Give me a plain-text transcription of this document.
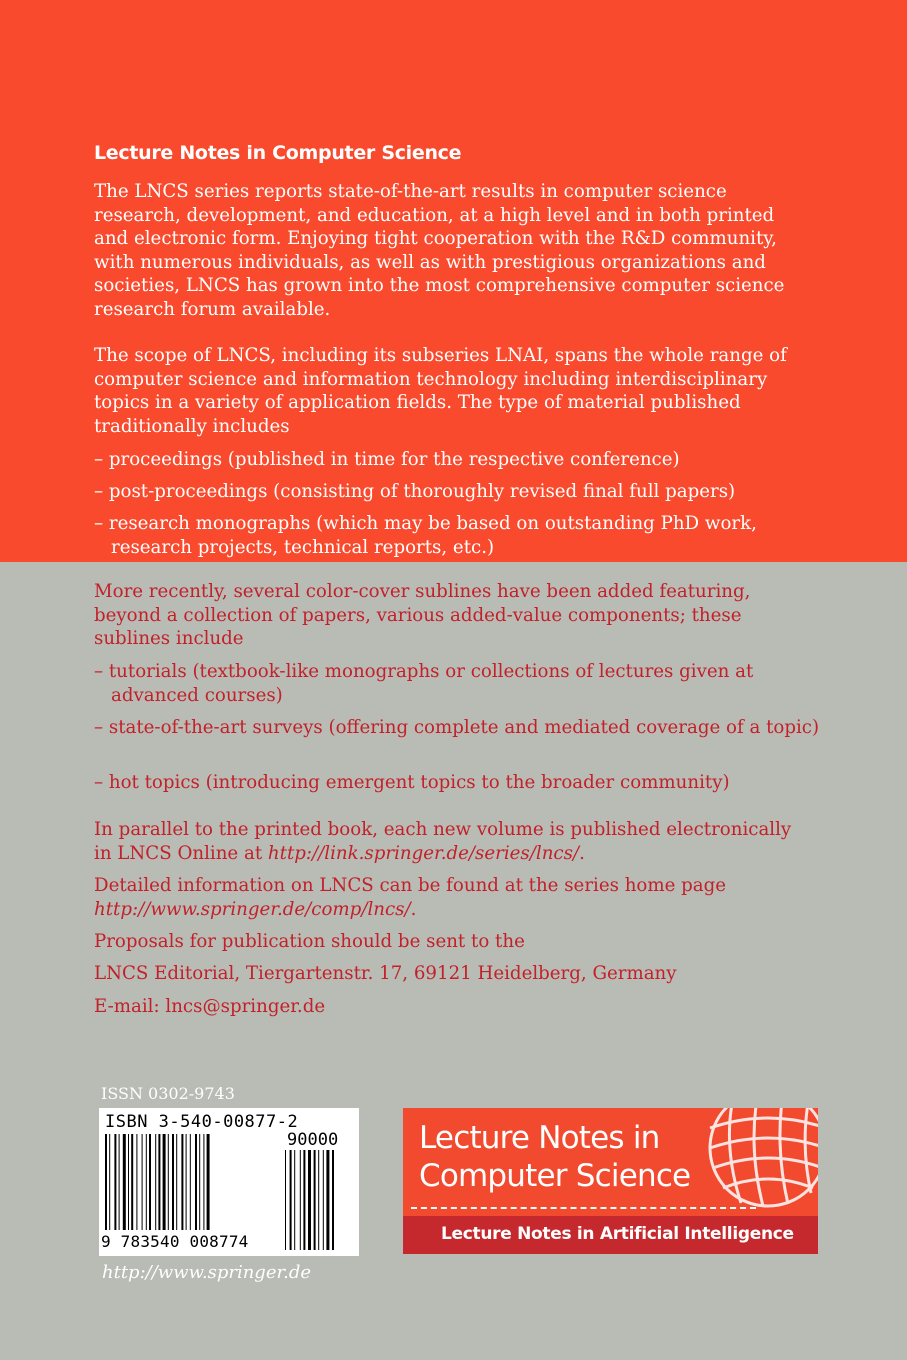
Lecture Notes in Computer Science

The LNCS series reports state-of-the-art results in computer science research, development, and education, at a high level and in both printed and electronic form. Enjoying tight cooperation with the R&D community, with numerous individuals, as well as with prestigious organizations and societies, LNCS has grown into the most comprehensive computer science research forum available.

The scope of LNCS, including its subseries LNAI, spans the whole range of computer science and information technology including interdisciplinary topics in a variety of application fields. The type of material published traditionally includes

– proceedings (published in time for the respective conference)
– post-proceedings (consisting of thoroughly revised final full papers)
– research monographs (which may be based on outstanding PhD work, research projects, technical reports, etc.)

More recently, several color-cover sublines have been added featuring, beyond a collection of papers, various added-value components; these sublines include

– tutorials (textbook-like monographs or collections of lectures given at advanced courses)
– state-of-the-art surveys (offering complete and mediated coverage of a topic)
– hot topics (introducing emergent topics to the broader community)

In parallel to the printed book, each new volume is published electronically in LNCS Online at http://link.springer.de/series/lncs/.

Detailed information on LNCS can be found at the series home page http://www.springer.de/comp/lncs/.

Proposals for publication should be sent to the

LNCS Editorial, Tiergartenstr. 17, 69121 Heidelberg, Germany

E-mail: lncs@springer.de

ISSN 0302-9743
ISBN 3-540-00877-2
90000
9 783540 008774
http://www.springer.de
Lecture Notes in
Computer Science
Lecture Notes in Artificial Intelligence
